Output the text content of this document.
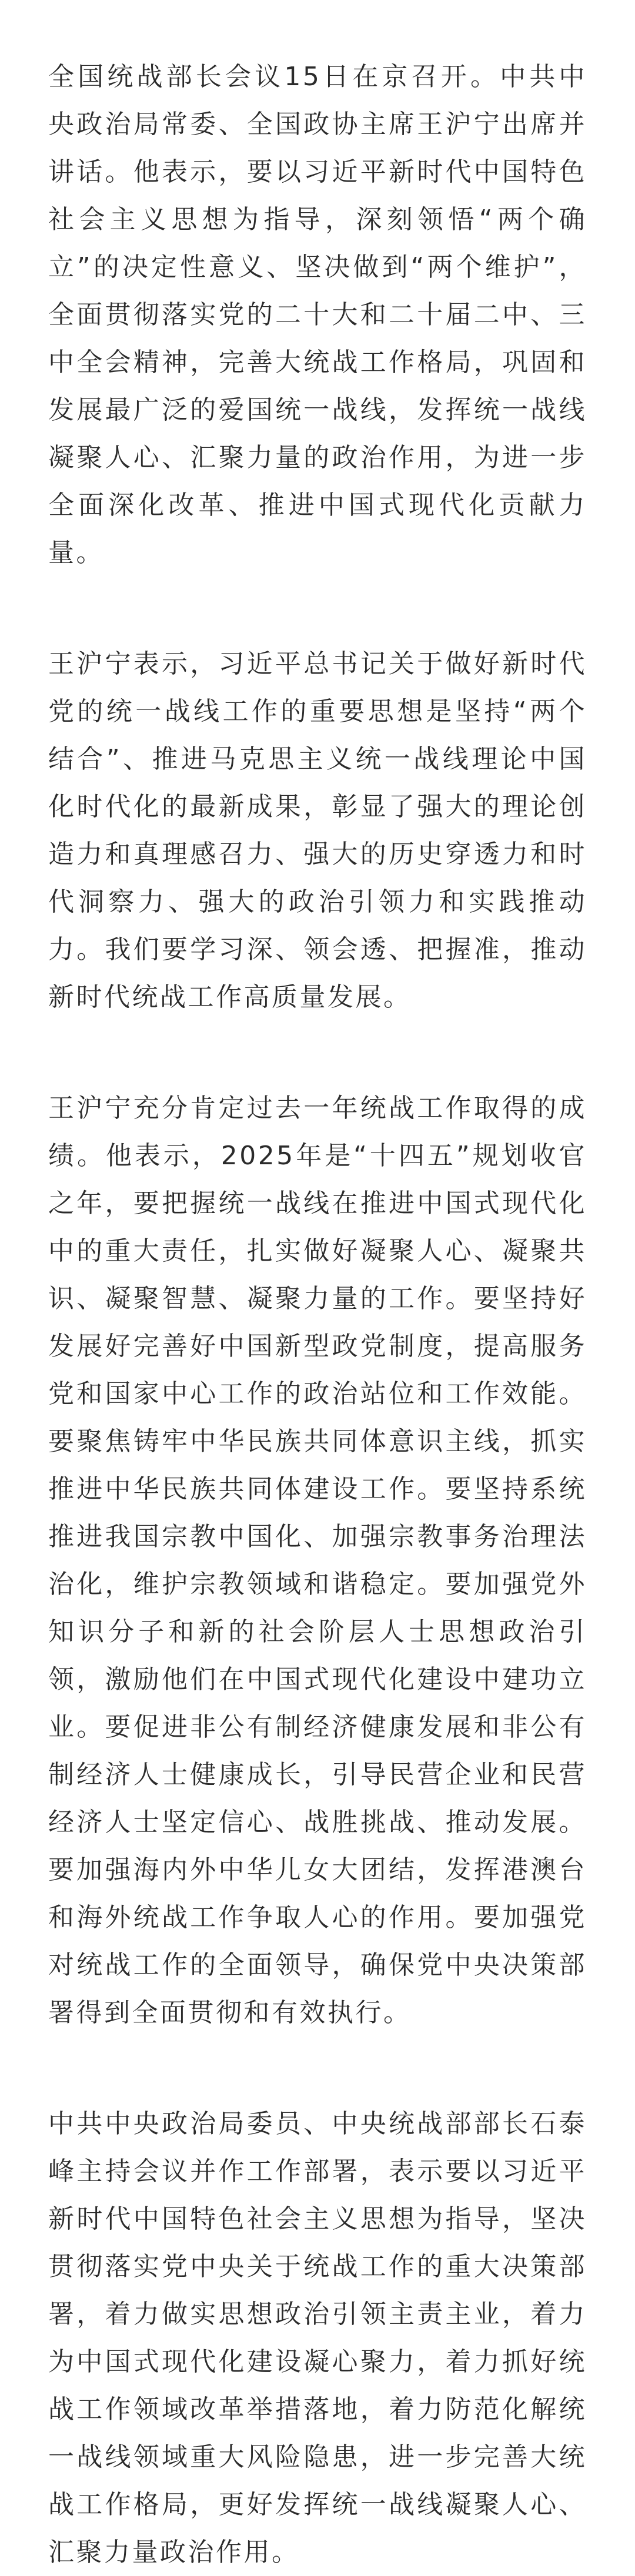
全国统战部长会议15日在京召开。中共中央政治局常委、全国政协主席王沪宁出席并讲话。他表示，要以习近平新时代中国特色社会主义思想为指导，深刻领悟“两个确立”的决定性意义、坚决做到“两个维护”，全面贯彻落实党的二十大和二十届二中、三中全会精神，完善大统战工作格局，巩固和发展最广泛的爱国统一战线，发挥统一战线凝聚人心、汇聚力量的政治作用，为进一步全面深化改革、推进中国式现代化贡献力量。

王沪宁表示，习近平总书记关于做好新时代党的统一战线工作的重要思想是坚持“两个结合”、推进马克思主义统一战线理论中国化时代化的最新成果，彰显了强大的理论创造力和真理感召力、强大的历史穿透力和时代洞察力、强大的政治引领力和实践推动力。我们要学习深、领会透、把握准，推动新时代统战工作高质量发展。

王沪宁充分肯定过去一年统战工作取得的成绩。他表示，2025年是“十四五”规划收官之年，要把握统一战线在推进中国式现代化中的重大责任，扎实做好凝聚人心、凝聚共识、凝聚智慧、凝聚力量的工作。要坚持好发展好完善好中国新型政党制度，提高服务党和国家中心工作的政治站位和工作效能。要聚焦铸牢中华民族共同体意识主线，抓实推进中华民族共同体建设工作。要坚持系统推进我国宗教中国化、加强宗教事务治理法治化，维护宗教领域和谐稳定。要加强党外知识分子和新的社会阶层人士思想政治引领，激励他们在中国式现代化建设中建功立业。要促进非公有制经济健康发展和非公有制经济人士健康成长，引导民营企业和民营经济人士坚定信心、战胜挑战、推动发展。要加强海内外中华儿女大团结，发挥港澳台和海外统战工作争取人心的作用。要加强党对统战工作的全面领导，确保党中央决策部署得到全面贯彻和有效执行。

中共中央政治局委员、中央统战部部长石泰峰主持会议并作工作部署，表示要以习近平新时代中国特色社会主义思想为指导，坚决贯彻落实党中央关于统战工作的重大决策部署，着力做实思想政治引领主责主业，着力为中国式现代化建设凝心聚力，着力抓好统战工作领域改革举措落地，着力防范化解统一战线领域重大风险隐患，进一步完善大统战工作格局，更好发挥统一战线凝聚人心、汇聚力量政治作用。
